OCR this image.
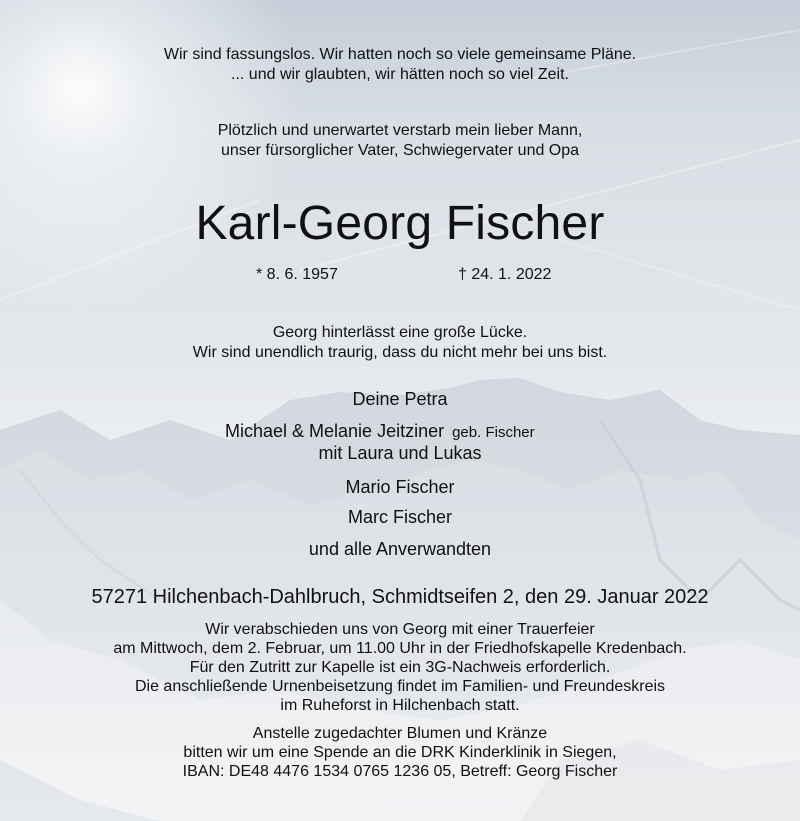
Wir sind fassungslos. Wir hatten noch so viele gemeinsame Pläne.
... und wir glaubten, wir hätten noch so viel Zeit.
Plötzlich und unerwartet verstarb mein lieber Mann,
unser fürsorglicher Vater, Schwiegervater und Opa
Karl-Georg Fischer
* 8. 6. 1957	† 24. 1. 2022
Georg hinterlässt eine große Lücke.
Wir sind unendlich traurig, dass du nicht mehr bei uns bist.
Deine Petra
Michael & Melanie Jeitziner geb. Fischer
mit Laura und Lukas
Mario Fischer
Marc Fischer
und alle Anverwandten
57271 Hilchenbach-Dahlbruch, Schmidtseifen 2, den 29. Januar 2022
Wir verabschieden uns von Georg mit einer Trauerfeier
am Mittwoch, dem 2. Februar, um 11.00 Uhr in der Friedhofskapelle Kredenbach.
Für den Zutritt zur Kapelle ist ein 3G-Nachweis erforderlich.
Die anschließende Urnenbeisetzung findet im Familien- und Freundeskreis
im Ruheforst in Hilchenbach statt.
Anstelle zugedachter Blumen und Kränze
bitten wir um eine Spende an die DRK Kinderklinik in Siegen,
IBAN: DE48 4476 1534 0765 1236 05, Betreff: Georg Fischer
